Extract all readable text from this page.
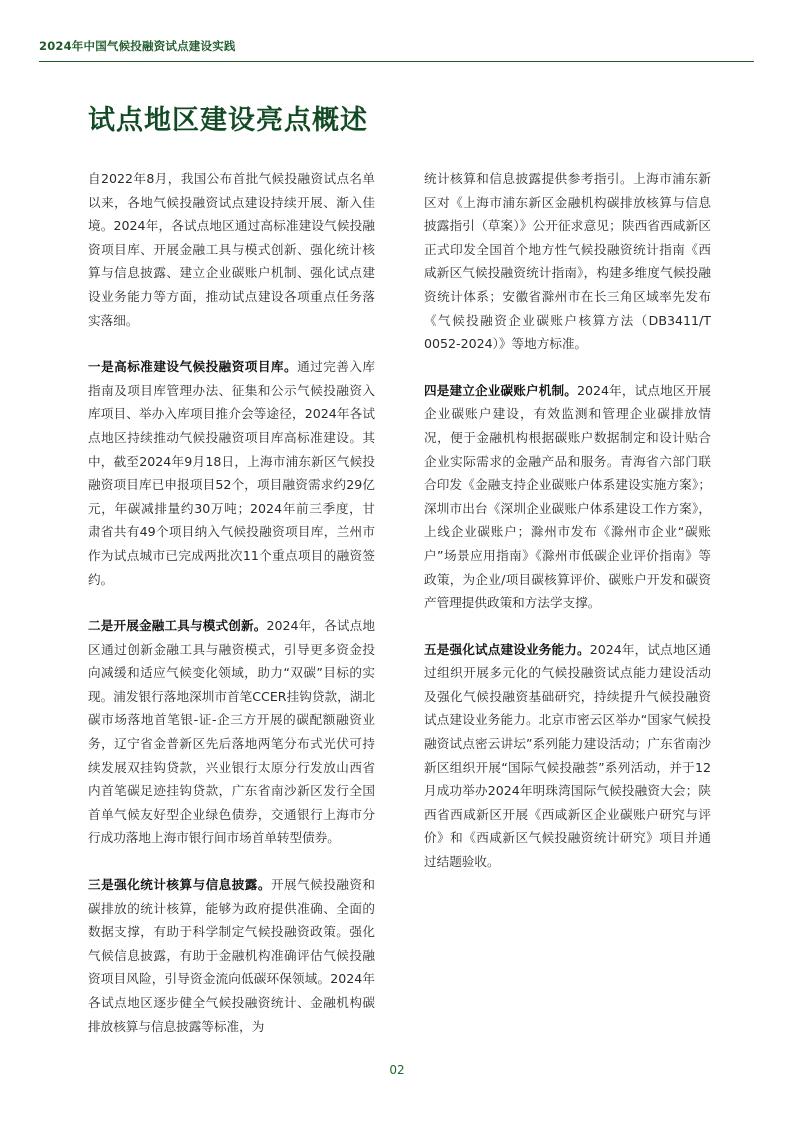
2024年中国气候投融资试点建设实践
试点地区建设亮点概述

自2022年8月，我国公布首批气候投融资试点名单以来，各地气候投融资试点建设持续开展、渐入佳境。2024年，各试点地区通过高标准建设气候投融资项目库、开展金融工具与模式创新、强化统计核算与信息披露、建立企业碳账户机制、强化试点建设业务能力等方面，推动试点建设各项重点任务落实落细。

一是高标准建设气候投融资项目库。通过完善入库指南及项目库管理办法、征集和公示气候投融资入库项目、举办入库项目推介会等途径，2024年各试点地区持续推动气候投融资项目库高标准建设。其中，截至2024年9月18日，上海市浦东新区气候投融资项目库已申报项目52个，项目融资需求约29亿元，年碳减排量约30万吨；2024年前三季度，甘肃省共有49个项目纳入气候投融资项目库，兰州市作为试点城市已完成两批次11个重点项目的融资签约。

二是开展金融工具与模式创新。2024年，各试点地区通过创新金融工具与融资模式，引导更多资金投向减缓和适应气候变化领域，助力“双碳”目标的实现。浦发银行落地深圳市首笔CCER挂钩贷款，湖北碳市场落地首笔银-证-企三方开展的碳配额融资业务，辽宁省金普新区先后落地两笔分布式光伏可持续发展双挂钩贷款，兴业银行太原分行发放山西省内首笔碳足迹挂钩贷款，广东省南沙新区发行全国首单气候友好型企业绿色债券，交通银行上海市分行成功落地上海市银行间市场首单转型债券。

三是强化统计核算与信息披露。开展气候投融资和碳排放的统计核算，能够为政府提供准确、全面的数据支撑，有助于科学制定气候投融资政策。强化气候信息披露，有助于金融机构准确评估气候投融资项目风险，引导资金流向低碳环保领域。2024年各试点地区逐步健全气候投融资统计、金融机构碳排放核算与信息披露等标准，为

统计核算和信息披露提供参考指引。上海市浦东新区对《上海市浦东新区金融机构碳排放核算与信息披露指引（草案）》公开征求意见；陕西省西咸新区正式印发全国首个地方性气候投融资统计指南《西咸新区气候投融资统计指南》，构建多维度气候投融资统计体系；安徽省滁州市在长三角区域率先发布《气候投融资企业碳账户核算方法（DB3411/T 0052-2024）》等地方标准。

四是建立企业碳账户机制。2024年，试点地区开展企业碳账户建设，有效监测和管理企业碳排放情况，便于金融机构根据碳账户数据制定和设计贴合企业实际需求的金融产品和服务。青海省六部门联合印发《金融支持企业碳账户体系建设实施方案》；深圳市出台《深圳企业碳账户体系建设工作方案》，上线企业碳账户；滁州市发布《滁州市企业“碳账户”场景应用指南》《滁州市低碳企业评价指南》等政策，为企业/项目碳核算评价、碳账户开发和碳资产管理提供政策和方法学支撑。

五是强化试点建设业务能力。2024年，试点地区通过组织开展多元化的气候投融资试点能力建设活动及强化气候投融资基础研究，持续提升气候投融资试点建设业务能力。北京市密云区举办“国家气候投融资试点密云讲坛”系列能力建设活动；广东省南沙新区组织开展“国际气候投融荟”系列活动，并于12月成功举办2024年明珠湾国际气候投融资大会；陕西省西咸新区开展《西咸新区企业碳账户研究与评价》和《西咸新区气候投融资统计研究》项目并通过结题验收。

02
